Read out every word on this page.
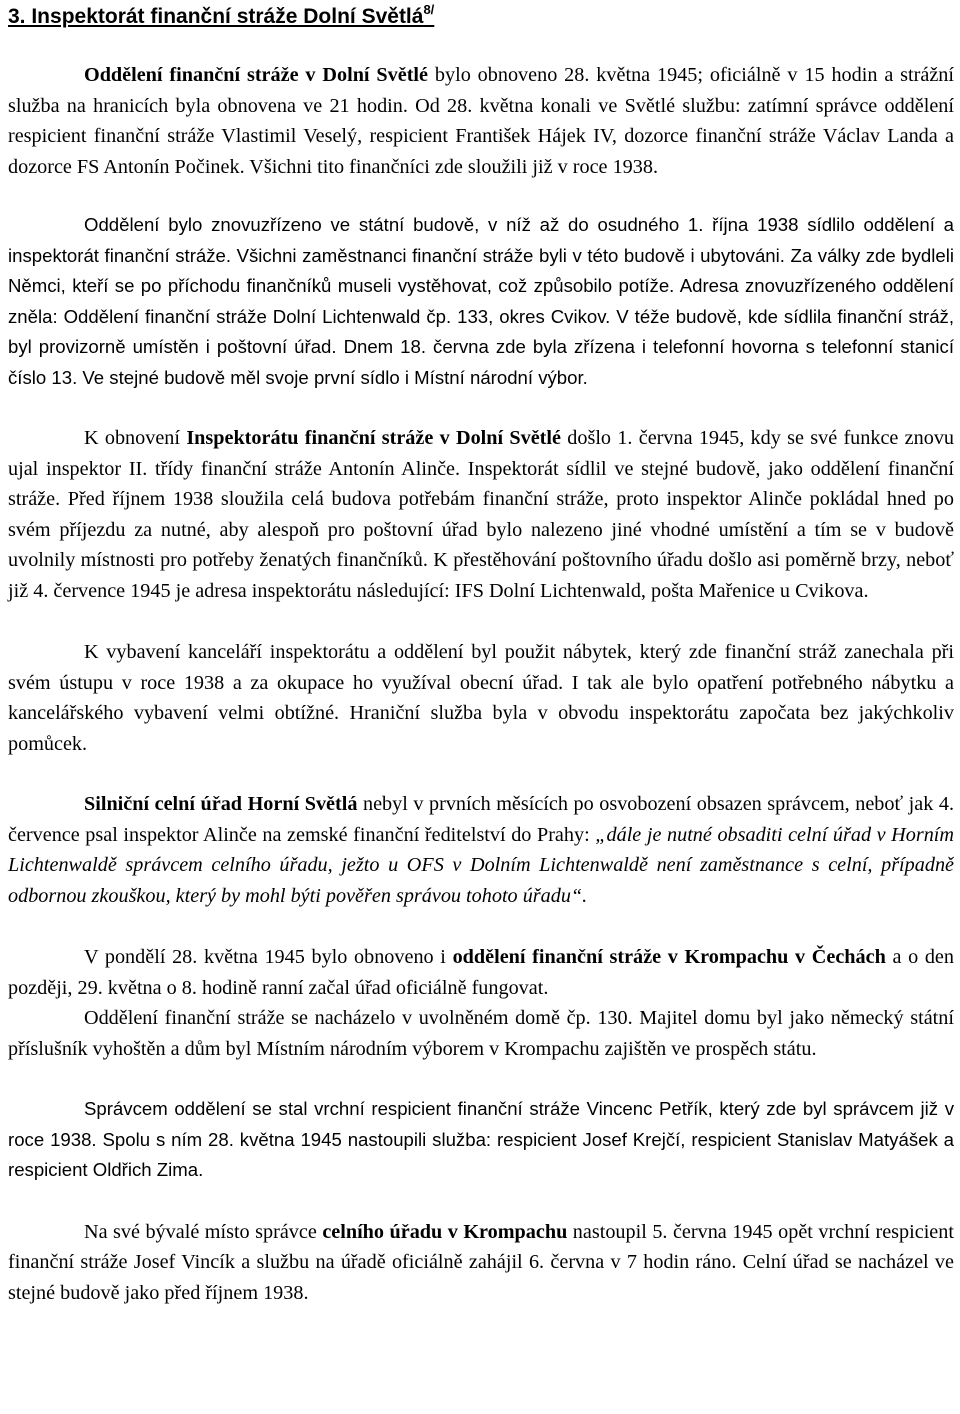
3. Inspektorát finanční stráže Dolní Světlá$^{8/}$

Oddělení finanční stráže v Dolní Světlé bylo obnoveno 28. května 1945; oficiálně v 15 hodin a strážní služba na hranicích byla obnovena ve 21 hodin. Od 28. května konali ve Světlé službu: zatímní správce oddělení respicient finanční stráže Vlastimil Veselý, respicient František Hájek IV, dozorce finanční stráže Václav Landa a dozorce FS Antonín Počinek. Všichni tito finančníci zde sloužili již v roce 1938.

Oddělení bylo znovuzřízeno ve státní budově, v níž až do osudného 1. října 1938 sídlilo oddělení a inspektorát finanční stráže. Všichni zaměstnanci finanční stráže byli v této budově i ubytováni. Za války zde bydleli Němci, kteří se po příchodu finančníků museli vystěhovat, což způsobilo potíže. Adresa znovuzřízeného oddělení zněla: Oddělení finanční stráže Dolní Lichtenwald čp. 133, okres Cvikov. V téže budově, kde sídlila finanční stráž, byl provizorně umístěn i poštovní úřad. Dnem 18. června zde byla zřízena i telefonní hovorna s telefonní stanicí číslo 13. Ve stejné budově měl svoje první sídlo i Místní národní výbor.

K obnovení Inspektorátu finanční stráže v Dolní Světlé došlo 1. června 1945, kdy se své funkce znovu ujal inspektor II. třídy finanční stráže Antonín Alinče. Inspektorát sídlil ve stejné budově, jako oddělení finanční stráže. Před říjnem 1938 sloužila celá budova potřebám finanční stráže, proto inspektor Alinče pokládal hned po svém příjezdu za nutné, aby alespoň pro poštovní úřad bylo nalezeno jiné vhodné umístění a tím se v budově uvolnily místnosti pro potřeby ženatých finančníků. K přestěhování poštovního úřadu došlo asi poměrně brzy, neboť již 4. července 1945 je adresa inspektorátu následující: IFS Dolní Lichtenwald, pošta Mařenice u Cvikova.

K vybavení kanceláří inspektorátu a oddělení byl použit nábytek, který zde finanční stráž zanechala při svém ústupu v roce 1938 a za okupace ho využíval obecní úřad. I tak ale bylo opatření potřebného nábytku a kancelářského vybavení velmi obtížné. Hraniční služba byla v obvodu inspektorátu započata bez jakýchkoliv pomůcek.

Silniční celní úřad Horní Světlá nebyl v prvních měsících po osvobození obsazen správcem, neboť jak 4. července psal inspektor Alinče na zemské finanční ředitelství do Prahy: „dále je nutné obsaditi celní úřad v Horním Lichtenwaldě správcem celního úřadu, ježto u OFS v Dolním Lichtenwaldě není zaměstnance s celní, případně odbornou zkouškou, který by mohl býti pověřen správou tohoto úřadu“.

V pondělí 28. května 1945 bylo obnoveno i oddělení finanční stráže v Krompachu v Čechách a o den později, 29. května o 8. hodině ranní začal úřad oficiálně fungovat.

Oddělení finanční stráže se nacházelo v uvolněném domě čp. 130. Majitel domu byl jako německý státní příslušník vyhoštěn a dům byl Místním národním výborem v Krompachu zajištěn ve prospěch státu.

Správcem oddělení se stal vrchní respicient finanční stráže Vincenc Petřík, který zde byl správcem již v roce 1938. Spolu s ním 28. května 1945 nastoupili služba: respicient Josef Krejčí, respicient Stanislav Matyášek a respicient Oldřich Zima.

Na své bývalé místo správce celního úřadu v Krompachu nastoupil 5. června 1945 opět vrchní respicient finanční stráže Josef Vincík a službu na úřadě oficiálně zahájil 6. června v 7 hodin ráno. Celní úřad se nacházel ve stejné budově jako před říjnem 1938.
